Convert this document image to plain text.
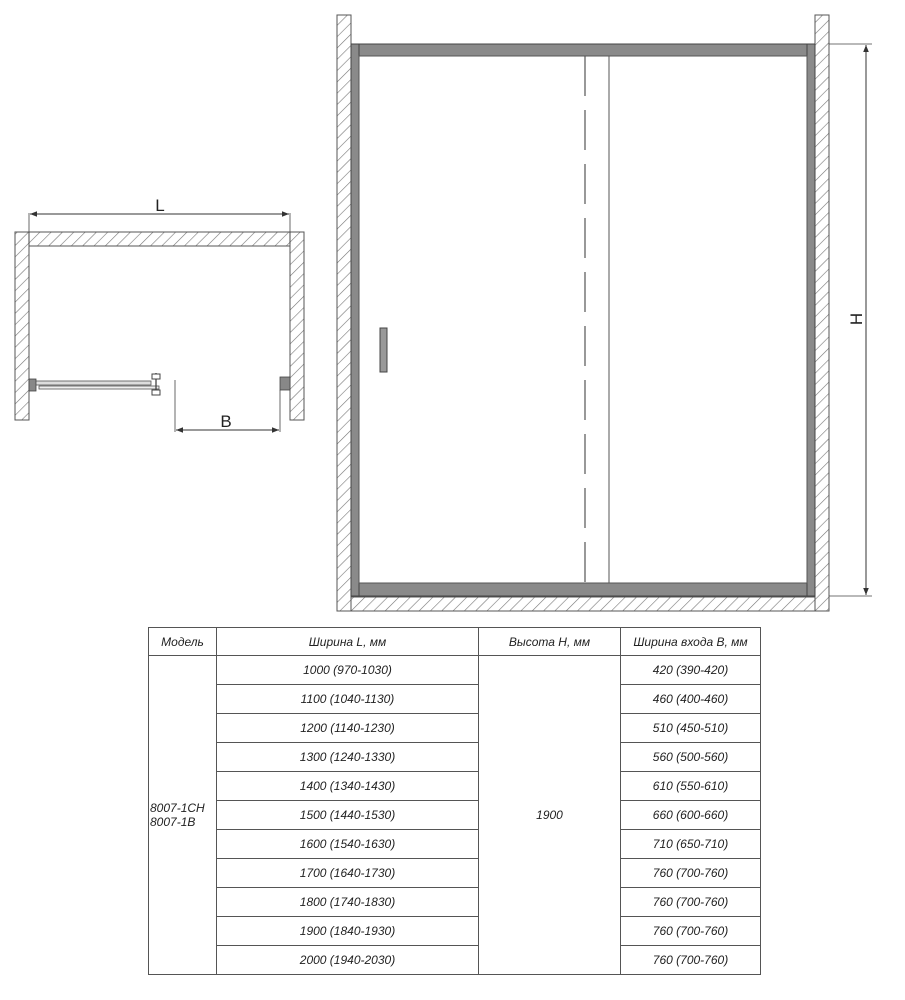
L
B
H
Модель	Ширина L, мм	Высота H, мм	Ширина входа B, мм
8007-1CH
8007-1B	1000 (970-1030)	1900	420 (390-420)
	1100 (1040-1130)		460 (400-460)
	1200 (1140-1230)		510 (450-510)
	1300 (1240-1330)		560 (500-560)
	1400 (1340-1430)		610 (550-610)
	1500 (1440-1530)		660 (600-660)
	1600 (1540-1630)		710 (650-710)
	1700 (1640-1730)		760 (700-760)
	1800 (1740-1830)		760 (700-760)
	1900 (1840-1930)		760 (700-760)
	2000 (1940-2030)		760 (700-760)
